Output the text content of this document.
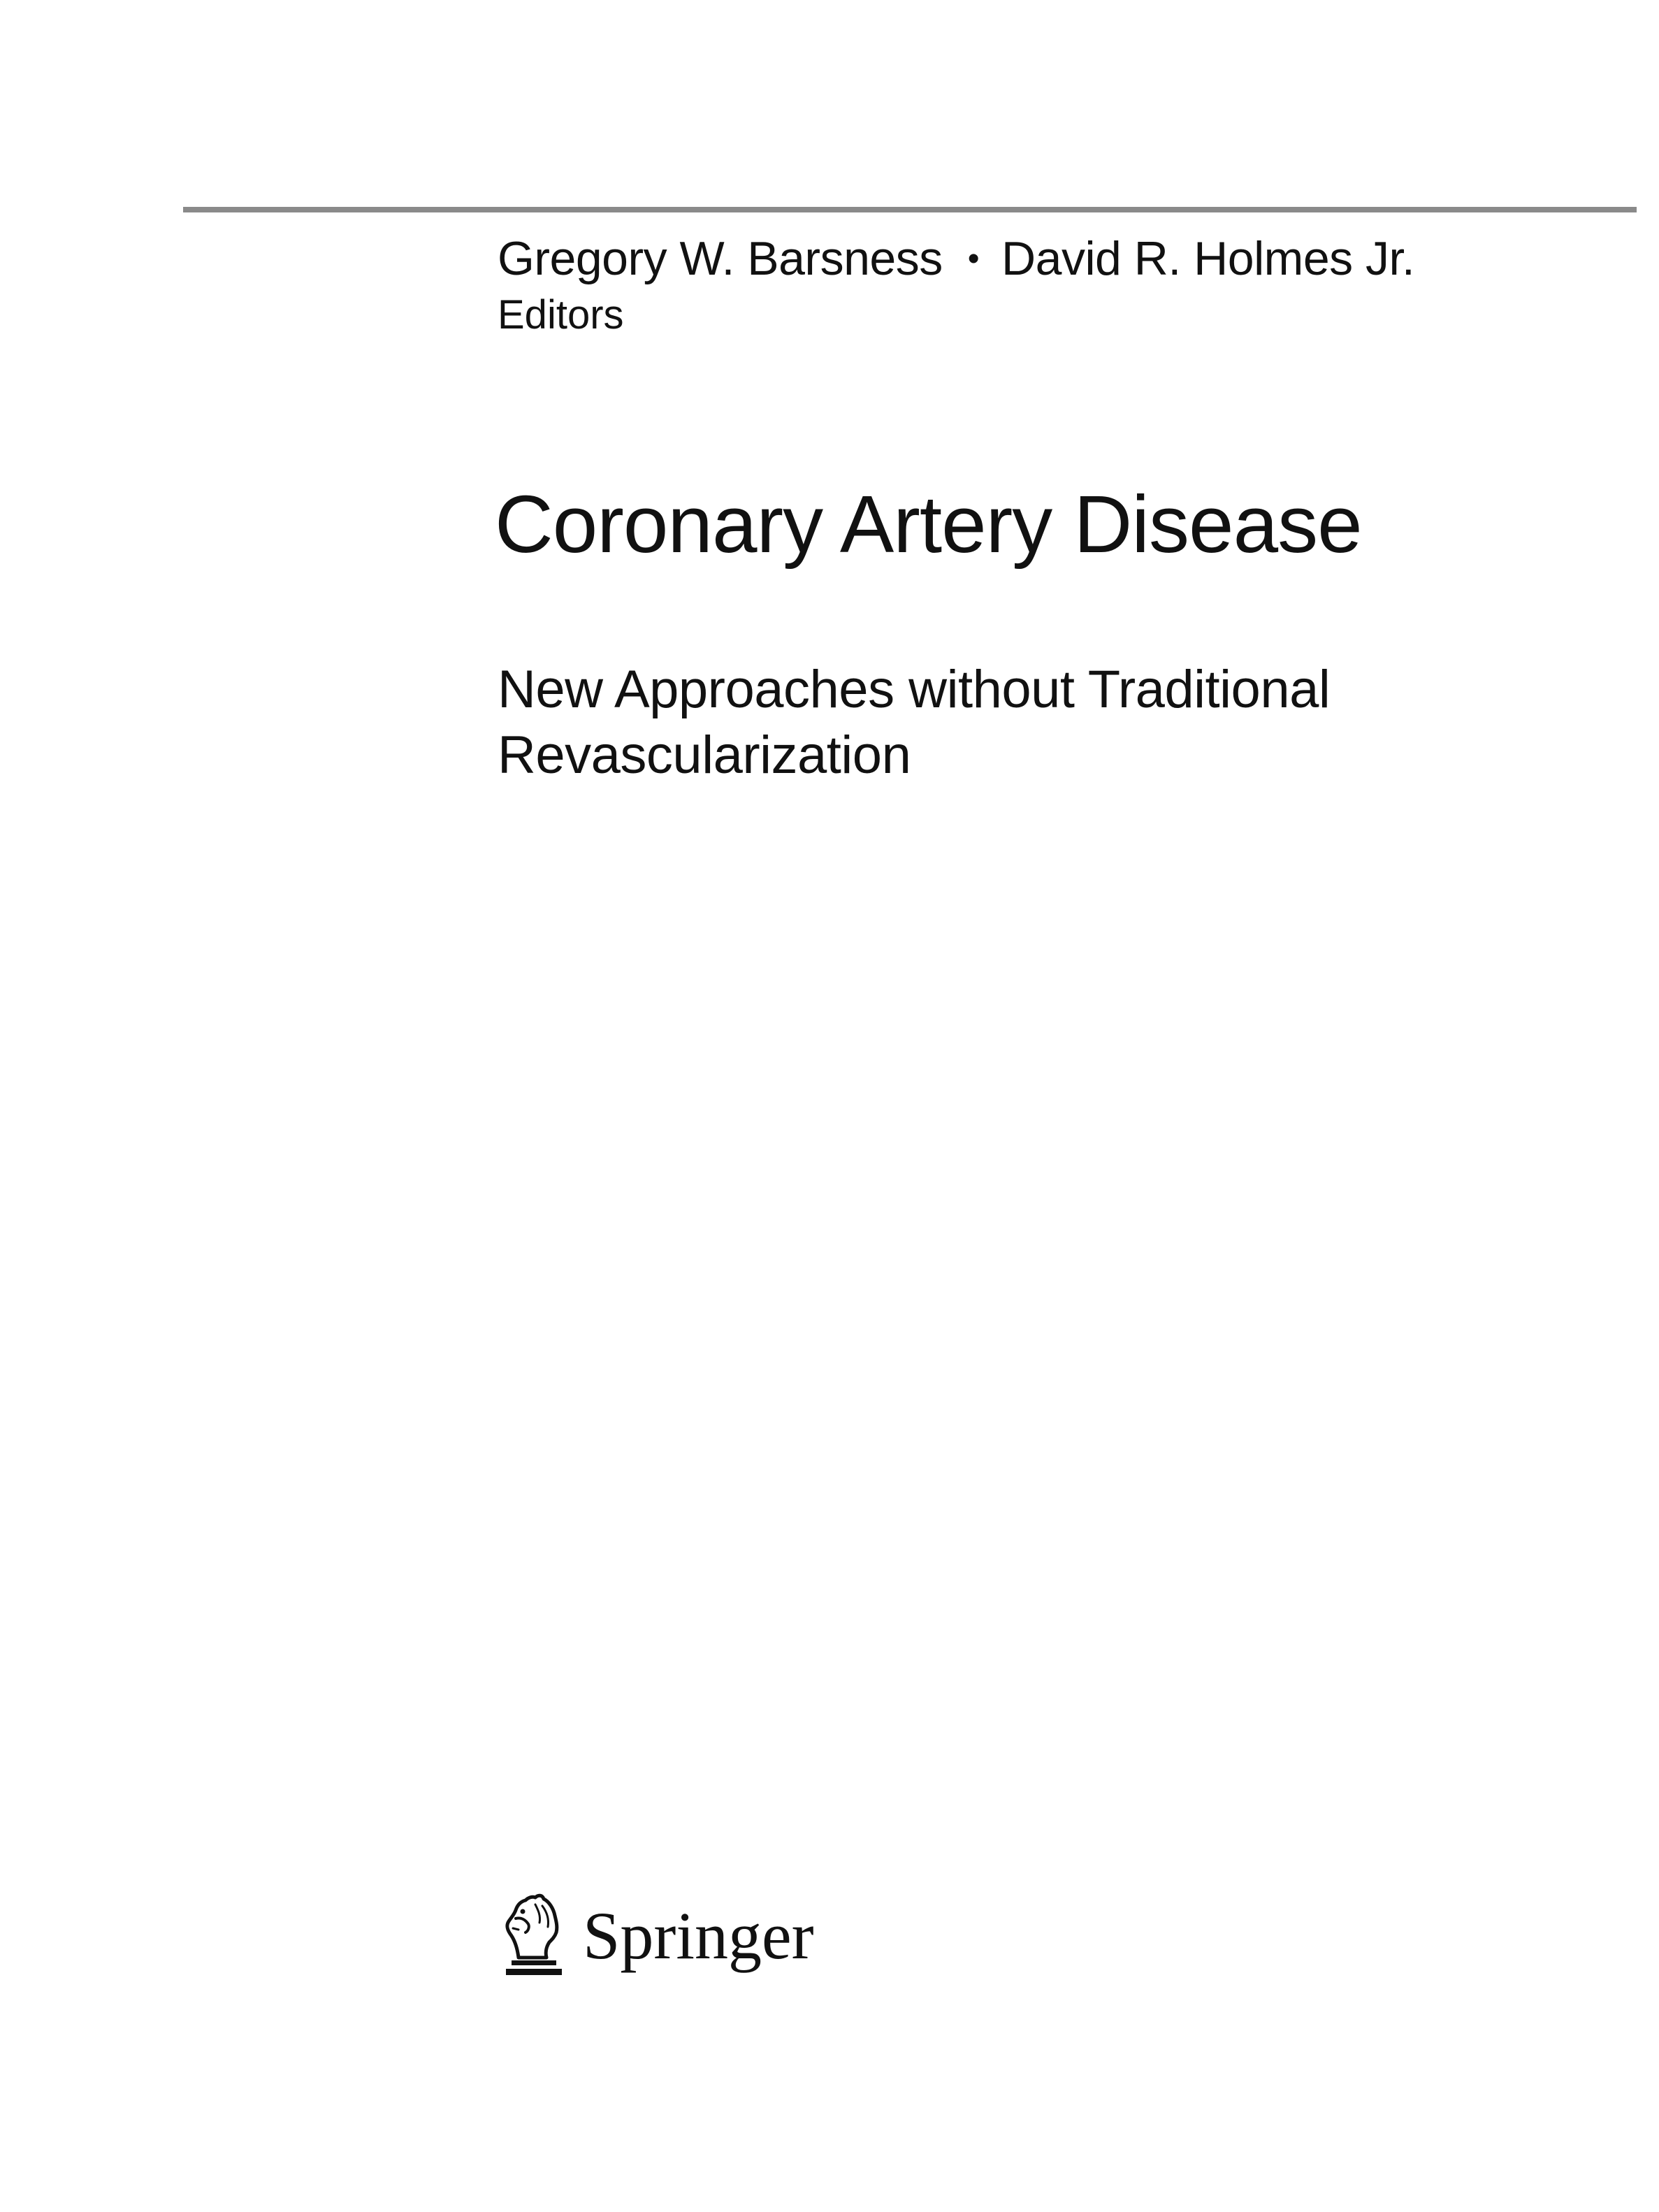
Gregory W. Barsness • David R. Holmes Jr.
Editors
Coronary Artery Disease
New Approaches without Traditional
Revascularization
Springer
